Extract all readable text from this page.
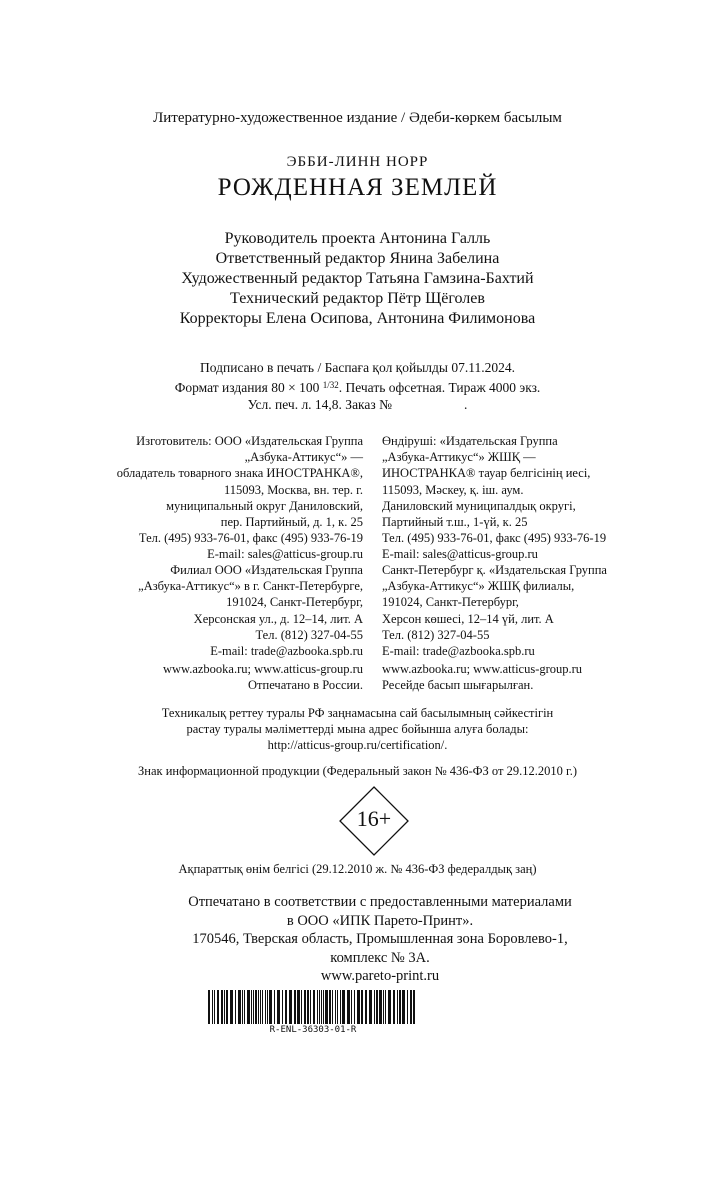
Литературно-художественное издание / Әдеби-көркем басылым
ЭББИ-ЛИНН НОРР
РОЖДЕННАЯ ЗЕМЛЕЙ
Руководитель проекта Антонина Галль
Ответственный редактор Янина Забелина
Художественный редактор Татьяна Гамзина-Бахтий
Технический редактор Пётр Щёголев
Корректоры Елена Осипова, Антонина Филимонова
Подписано в печать / Баспаға қол қойылды 07.11.2024.
Формат издания 80 × 100 $^{1/32}$. Печать офсетная. Тираж 4000 экз.
Усл. печ. л. 14,8. Заказ №	.
Изготовитель: ООО «Издательская Группа
„Азбука-Аттикус“» —
обладатель товарного знака ИНОСТРАНКА®,
115093, Москва, вн. тер. г.
муниципальный округ Даниловский,
пер. Партийный, д. 1, к. 25
Тел. (495) 933-76-01, факс (495) 933-76-19
E-mail: sales@atticus-group.ru
Өндіруші: «Издательская Группа
„Азбука-Аттикус“» ЖШҚ —
ИНОСТРАНКА® тауар белгісінің иесі,
115093, Мәскеу, қ. іш. аум.
Даниловский муниципалдық округі,
Партийный т.ш., 1-үй, к. 25
Тел. (495) 933-76-01, факс (495) 933-76-19
E-mail: sales@atticus-group.ru
Филиал ООО «Издательская Группа
„Азбука-Аттикус“» в г. Санкт-Петербурге,
191024, Санкт-Петербург,
Херсонская ул., д. 12–14, лит. А
Тел. (812) 327-04-55
E-mail: trade@azbooka.spb.ru
Санкт-Петербург қ. «Издательская Группа
„Азбука-Аттикус“» ЖШҚ филиалы,
191024, Санкт-Петербург,
Херсон көшесі, 12–14 үй, лит. А
Тел. (812) 327-04-55
E-mail: trade@azbooka.spb.ru
www.azbooka.ru; www.atticus-group.ru
Отпечатано в России.
www.azbooka.ru; www.atticus-group.ru
Ресейде басып шығарылған.
Техникалық реттеу туралы РФ заңнамасына сай басылымның сәйкестігін
растау туралы мәліметтерді мына адрес бойынша алуға болады:
http://atticus-group.ru/certification/.
Знак информационной продукции (Федеральный закон № 436-ФЗ от 29.12.2010 г.)
16+
Ақпараттық өнім белгісі (29.12.2010 ж. № 436-ФЗ федералдық заң)
Отпечатано в соответствии с предоставленными материалами
в ООО «ИПК Парето-Принт».
170546, Тверская область, Промышленная зона Боровлево-1,
комплекс № 3А.
www.pareto-print.ru
R-ENL-36303-01-R
